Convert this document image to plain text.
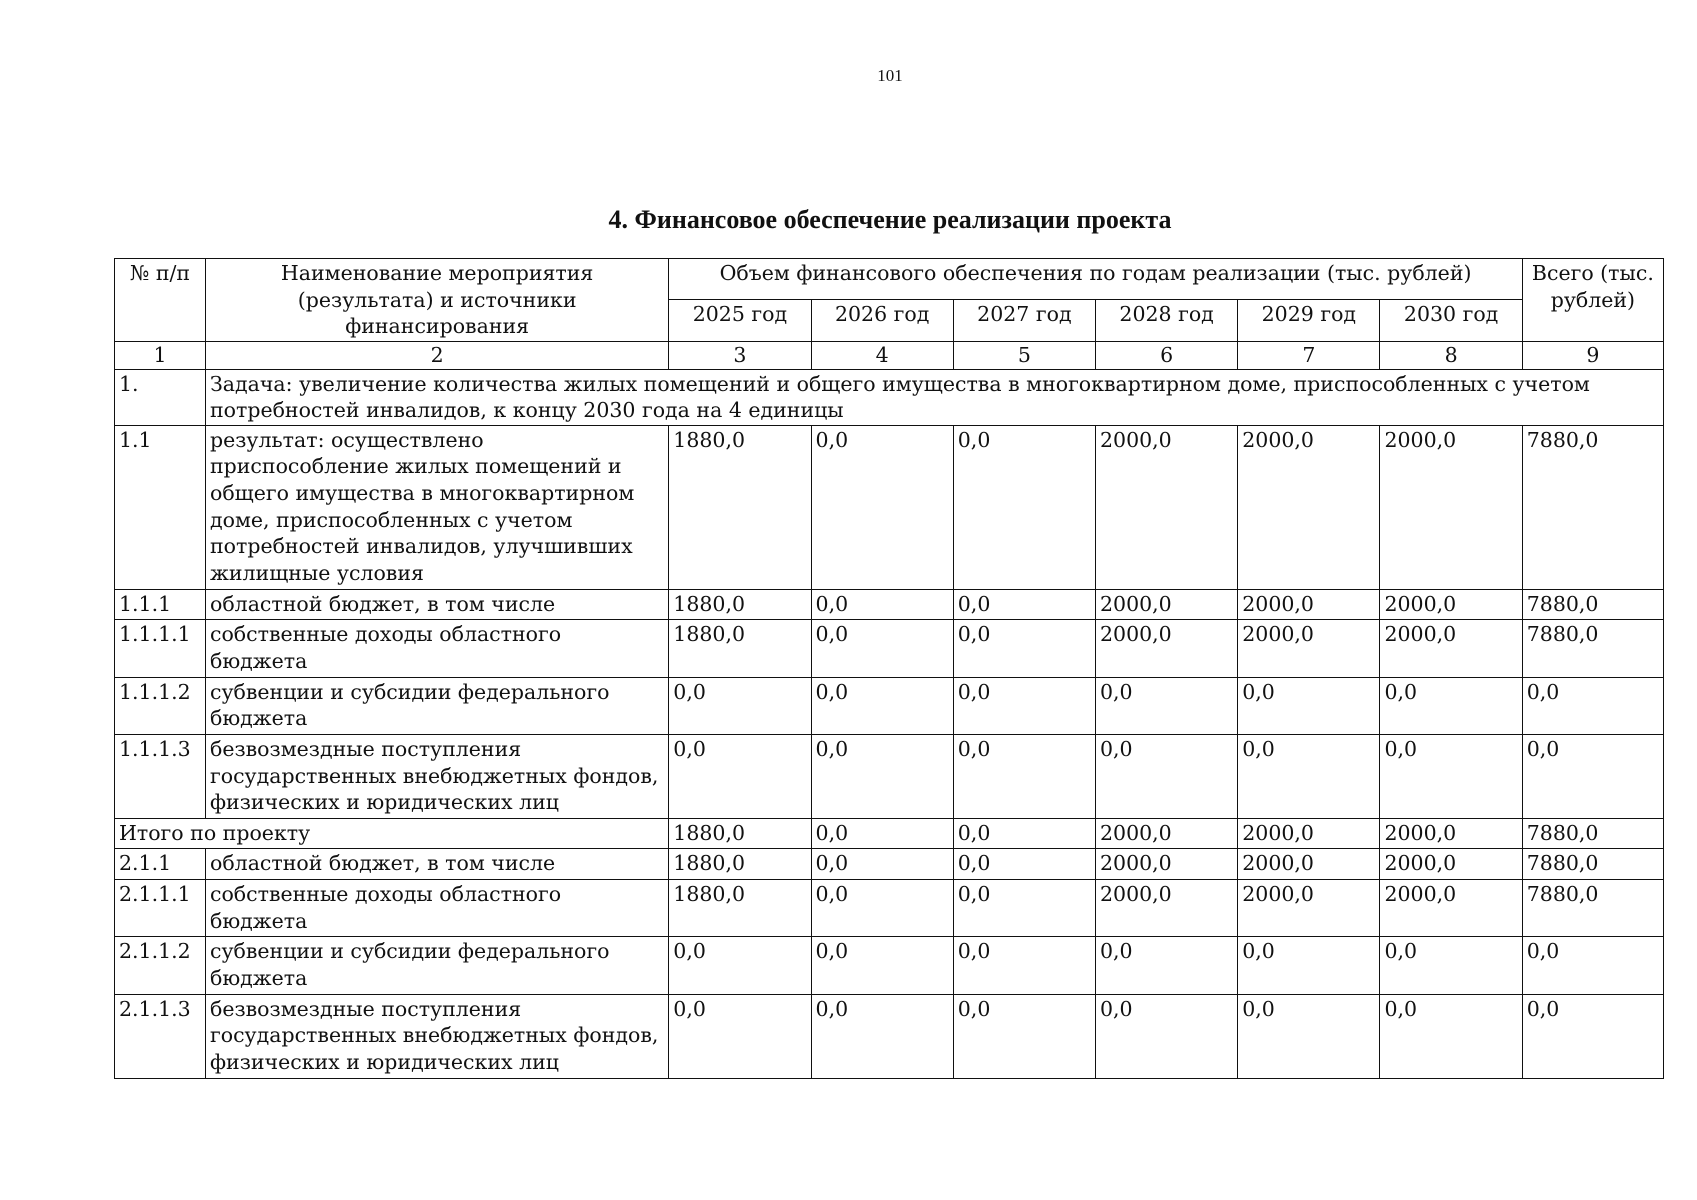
101
4. Финансовое обеспечение реализации проекта
№ п/п	Наименование мероприятия (результата) и источники финансирования	Объем финансового обеспечения по годам реализации (тыс. рублей)						Всего (тыс. рублей)
		2025 год	2026 год	2027 год	2028 год	2029 год	2030 год	
1	2	3	4	5	6	7	8	9
1.	Задача: увеличение количества жилых помещений и общего имущества в многоквартирном доме, приспособленных с учетом потребностей инвалидов, к концу 2030 года на 4 единицы							
1.1	результат: осуществлено приспособление жилых помещений и общего имущества в многоквартирном доме, приспособленных с учетом потребностей инвалидов, улучшивших жилищные условия	1880,0	0,0	0,0	2000,0	2000,0	2000,0	7880,0
1.1.1	областной бюджет, в том числе	1880,0	0,0	0,0	2000,0	2000,0	2000,0	7880,0
1.1.1.1	собственные доходы областного бюджета	1880,0	0,0	0,0	2000,0	2000,0	2000,0	7880,0
1.1.1.2	субвенции и субсидии федерального бюджета	0,0	0,0	0,0	0,0	0,0	0,0	0,0
1.1.1.3	безвозмездные поступления государственных внебюджетных фондов, физических и юридических лиц	0,0	0,0	0,0	0,0	0,0	0,0	0,0
Итого по проекту		1880,0	0,0	0,0	2000,0	2000,0	2000,0	7880,0
2.1.1	областной бюджет, в том числе	1880,0	0,0	0,0	2000,0	2000,0	2000,0	7880,0
2.1.1.1	собственные доходы областного бюджета	1880,0	0,0	0,0	2000,0	2000,0	2000,0	7880,0
2.1.1.2	субвенции и субсидии федерального бюджета	0,0	0,0	0,0	0,0	0,0	0,0	0,0
2.1.1.3	безвозмездные поступления государственных внебюджетных фондов, физических и юридических лиц	0,0	0,0	0,0	0,0	0,0	0,0	0,0
